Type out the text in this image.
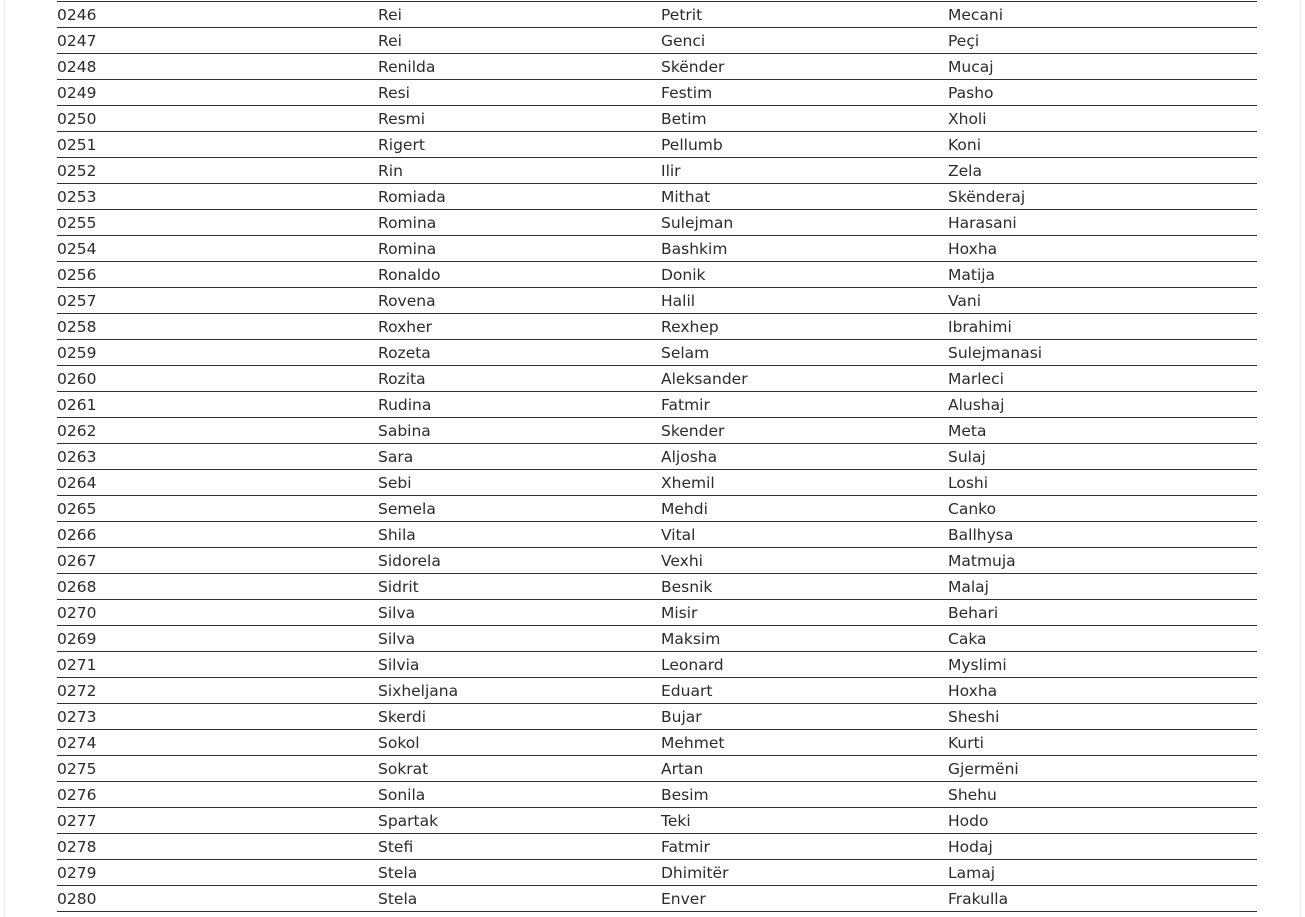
0246	Rei	Petrit	Mecani
0247	Rei	Genci	Peçi
0248	Renilda	Skënder	Mucaj
0249	Resi	Festim	Pasho
0250	Resmi	Betim	Xholi
0251	Rigert	Pellumb	Koni
0252	Rin	Ilir	Zela
0253	Romiada	Mithat	Skënderaj
0255	Romina	Sulejman	Harasani
0254	Romina	Bashkim	Hoxha
0256	Ronaldo	Donik	Matija
0257	Rovena	Halil	Vani
0258	Roxher	Rexhep	Ibrahimi
0259	Rozeta	Selam	Sulejmanasi
0260	Rozita	Aleksander	Marleci
0261	Rudina	Fatmir	Alushaj
0262	Sabina	Skender	Meta
0263	Sara	Aljosha	Sulaj
0264	Sebi	Xhemil	Loshi
0265	Semela	Mehdi	Canko
0266	Shila	Vital	Ballhysa
0267	Sidorela	Vexhi	Matmuja
0268	Sidrit	Besnik	Malaj
0270	Silva	Misir	Behari
0269	Silva	Maksim	Caka
0271	Silvia	Leonard	Myslimi
0272	Sixheljana	Eduart	Hoxha
0273	Skerdi	Bujar	Sheshi
0274	Sokol	Mehmet	Kurti
0275	Sokrat	Artan	Gjermëni
0276	Sonila	Besim	Shehu
0277	Spartak	Teki	Hodo
0278	Stefi	Fatmir	Hodaj
0279	Stela	Dhimitër	Lamaj
0280	Stela	Enver	Frakulla
